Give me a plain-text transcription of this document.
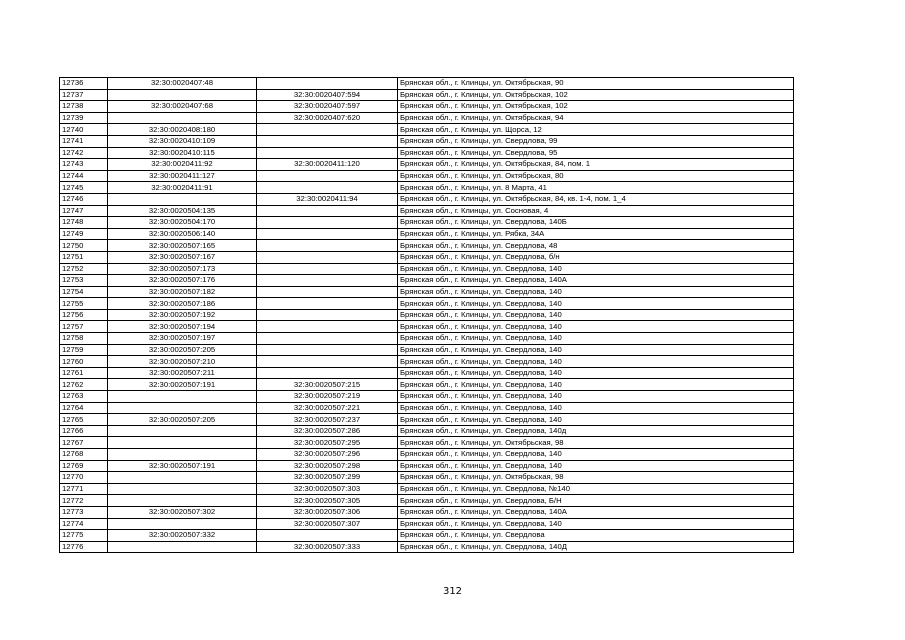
12736	32:30:0020407:48		Брянская обл., г. Клинцы, ул. Октябрьская, 90
12737		32:30:0020407:594	Брянская обл., г. Клинцы, ул. Октябрьская, 102
12738	32:30:0020407:68	32:30:0020407:597	Брянская обл., г. Клинцы, ул. Октябрьская, 102
12739		32:30:0020407:620	Брянская обл., г. Клинцы, ул. Октябрьская, 94
12740	32:30:0020408:180		Брянская обл., г. Клинцы, ул. Щорса, 12
12741	32:30:0020410:109		Брянская обл., г. Клинцы, ул. Свердлова, 99
12742	32:30:0020410:115		Брянская обл., г. Клинцы, ул. Свердлова, 95
12743	32:30:0020411:92	32:30:0020411:120	Брянская обл., г. Клинцы, ул. Октябрьская, 84, пом. 1
12744	32:30:0020411:127		Брянская обл., г. Клинцы, ул. Октябрьская, 80
12745	32:30:0020411:91		Брянская обл., г. Клинцы, ул. 8 Марта, 41
12746		32:30:0020411:94	Брянская обл., г. Клинцы, ул. Октябрьская, 84, кв. 1-4, пом. 1_4
12747	32:30:0020504:135		Брянская обл., г. Клинцы, ул. Сосновая, 4
12748	32:30:0020504:170		Брянская обл., г. Клинцы, ул. Свердлова, 140Б
12749	32:30:0020506:140		Брянская обл., г. Клинцы, ул. Рябка, 34А
12750	32:30:0020507:165		Брянская обл., г. Клинцы, ул. Свердлова, 48
12751	32:30:0020507:167		Брянская обл., г. Клинцы, ул. Свердлова, б/н
12752	32:30:0020507:173		Брянская обл., г. Клинцы, ул. Свердлова, 140
12753	32:30:0020507:176		Брянская обл., г. Клинцы, ул. Свердлова, 140А
12754	32:30:0020507:182		Брянская обл., г. Клинцы, ул. Свердлова, 140
12755	32:30:0020507:186		Брянская обл., г. Клинцы, ул. Свердлова, 140
12756	32:30:0020507:192		Брянская обл., г. Клинцы, ул. Свердлова, 140
12757	32:30:0020507:194		Брянская обл., г. Клинцы, ул. Свердлова, 140
12758	32:30:0020507:197		Брянская обл., г. Клинцы, ул. Свердлова, 140
12759	32:30:0020507:205		Брянская обл., г. Клинцы, ул. Свердлова, 140
12760	32:30:0020507:210		Брянская обл., г. Клинцы, ул. Свердлова, 140
12761	32:30:0020507:211		Брянская обл., г. Клинцы, ул. Свердлова, 140
12762	32:30:0020507:191	32:30:0020507:215	Брянская обл., г. Клинцы, ул. Свердлова, 140
12763		32:30:0020507:219	Брянская обл., г. Клинцы, ул. Свердлова, 140
12764		32:30:0020507:221	Брянская обл., г. Клинцы, ул. Свердлова, 140
12765	32:30:0020507:205	32:30:0020507:237	Брянская обл., г. Клинцы, ул. Свердлова, 140
12766		32:30:0020507:286	Брянская обл., г. Клинцы, ул. Свердлова, 140д
12767		32:30:0020507:295	Брянская обл., г. Клинцы, ул. Октябрьская, 98
12768		32:30:0020507:296	Брянская обл., г. Клинцы, ул. Свердлова, 140
12769	32:30:0020507:191	32:30:0020507:298	Брянская обл., г. Клинцы, ул. Свердлова, 140
12770		32:30:0020507:299	Брянская обл., г. Клинцы, ул. Октябрьская, 98
12771		32:30:0020507:303	Брянская обл., г. Клинцы, ул. Свердлова, №140
12772		32:30:0020507:305	Брянская обл., г. Клинцы, ул. Свердлова, Б/Н
12773	32:30:0020507:302	32:30:0020507:306	Брянская обл., г. Клинцы, ул. Свердлова, 140А
12774		32:30:0020507:307	Брянская обл., г. Клинцы, ул. Свердлова, 140
12775	32:30:0020507:332		Брянская обл., г. Клинцы, ул. Свердлова
12776		32:30:0020507:333	Брянская обл., г. Клинцы, ул. Свердлова, 140Д
312
